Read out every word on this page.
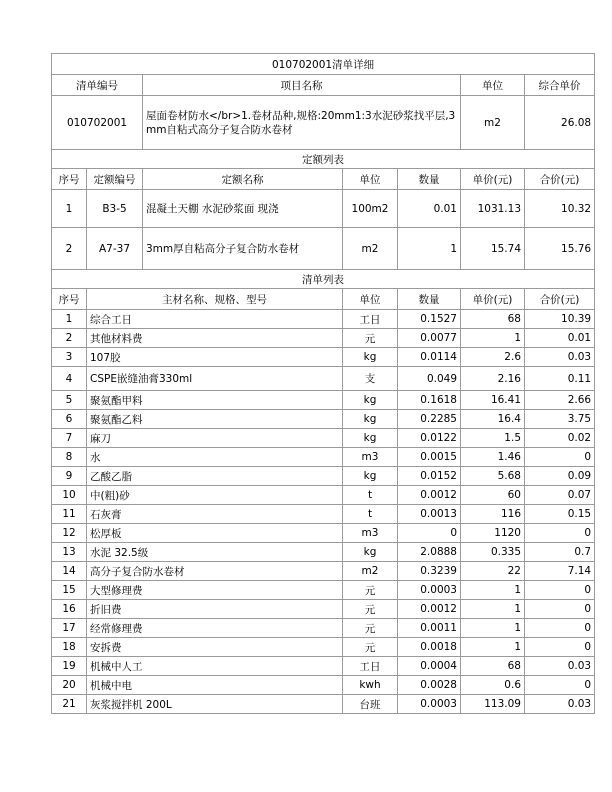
010702001清单详细						
清单编号		项目名称			单位	综合单价
010702001		屋面卷材防水</br>1.卷材品种,规格:20mm1:3水泥砂浆找平层,3mm自粘式高分子复合防水卷材			m2	26.08
定额列表						
序号	定额编号	定额名称	单位	数量	单价(元)	合价(元)
1	B3-5	混凝土天棚 水泥砂浆面 现浇	100m2	0.01	1031.13	10.32
2	A7-37	3mm厚自粘高分子复合防水卷材	m2	1	15.74	15.76
清单列表						
序号	主材名称、规格、型号		单位	数量	单价(元)	合价(元)
1	综合工日		工日	0.1527	68	10.39
2	其他材料费		元	0.0077	1	0.01
3	107胶		kg	0.0114	2.6	0.03
4	CSPE嵌缝油膏330ml		支	0.049	2.16	0.11
5	聚氨酯甲料		kg	0.1618	16.41	2.66
6	聚氨酯乙料		kg	0.2285	16.4	3.75
7	麻刀		kg	0.0122	1.5	0.02
8	水		m3	0.0015	1.46	0
9	乙酸乙脂		kg	0.0152	5.68	0.09
10	中(粗)砂		t	0.0012	60	0.07
11	石灰膏		t	0.0013	116	0.15
12	松厚板		m3	0	1120	0
13	水泥 32.5级		kg	2.0888	0.335	0.7
14	高分子复合防水卷材		m2	0.3239	22	7.14
15	大型修理费		元	0.0003	1	0
16	折旧费		元	0.0012	1	0
17	经常修理费		元	0.0011	1	0
18	安拆费		元	0.0018	1	0
19	机械中人工		工日	0.0004	68	0.03
20	机械中电		kwh	0.0028	0.6	0
21	灰浆搅拌机 200L		台班	0.0003	113.09	0.03
